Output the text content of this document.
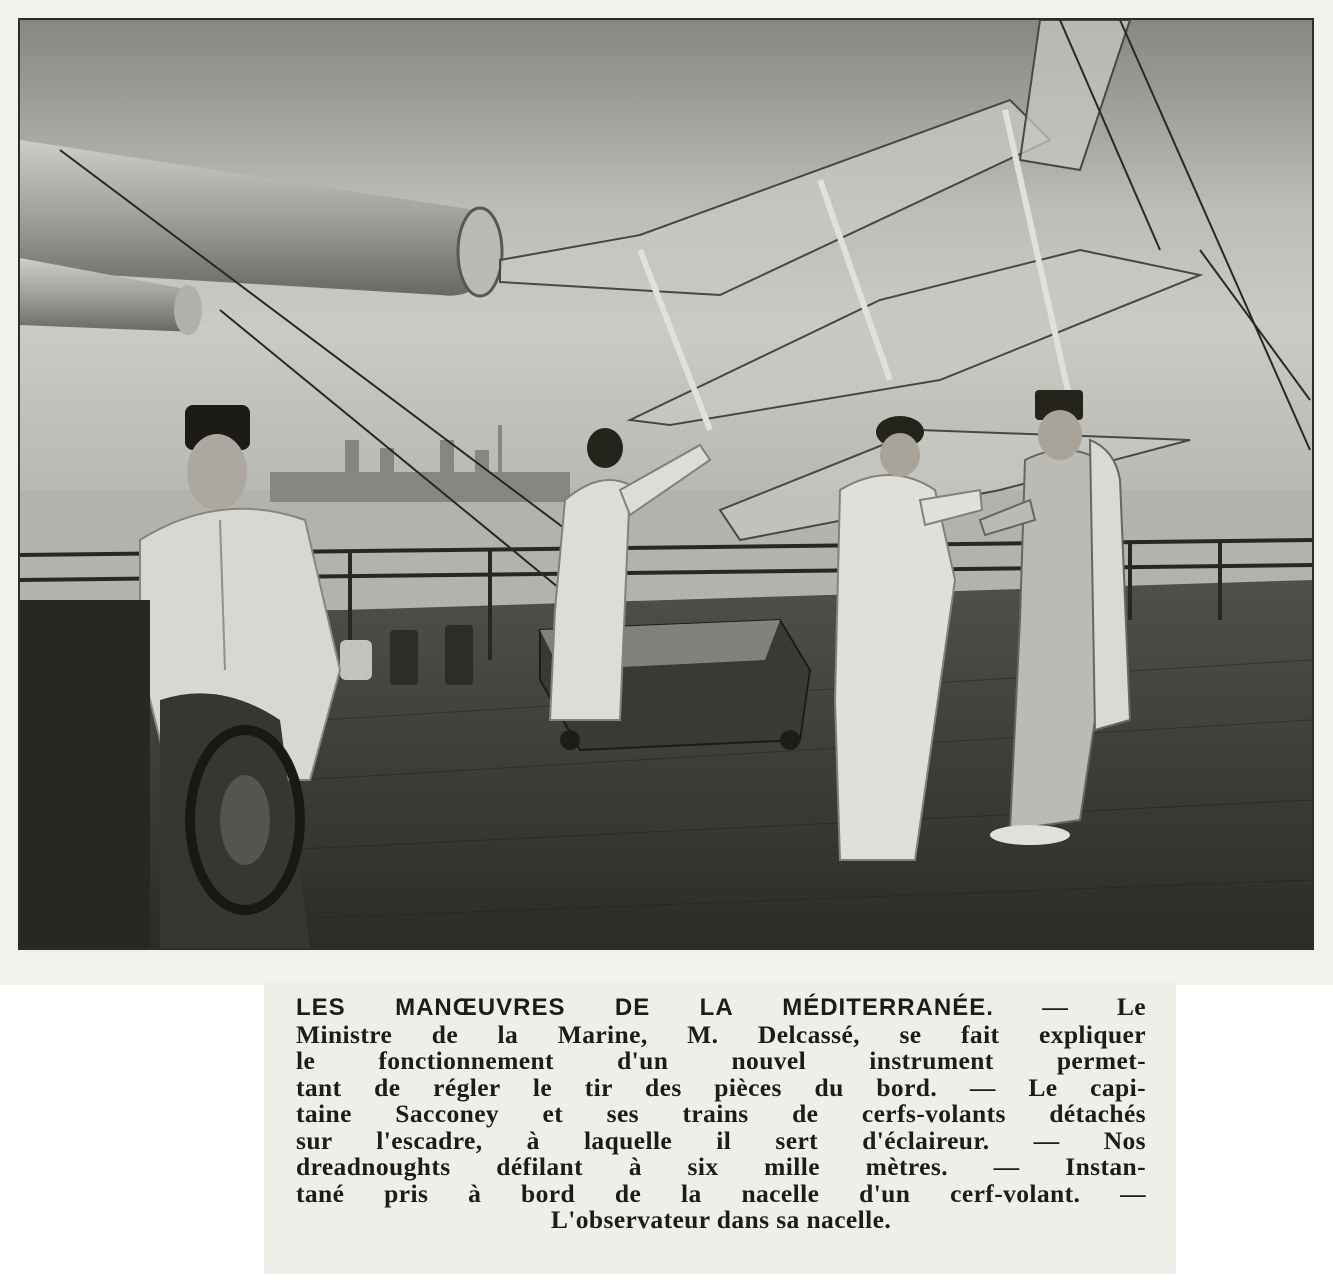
LES MANŒUVRES DE LA MÉDITERRANÉE. — Le
Ministre de la Marine, M. Delcassé, se fait expliquer
le fonctionnement d'un nouvel instrument permet-
tant de régler le tir des pièces du bord. — Le capi-
taine Sacconey et ses trains de cerfs-volants détachés
sur l'escadre, à laquelle il sert d'éclaireur. — Nos
dreadnoughts défilant à six mille mètres. — Instan-
tané pris à bord de la nacelle d'un cerf-volant. —
L'observateur dans sa nacelle.
